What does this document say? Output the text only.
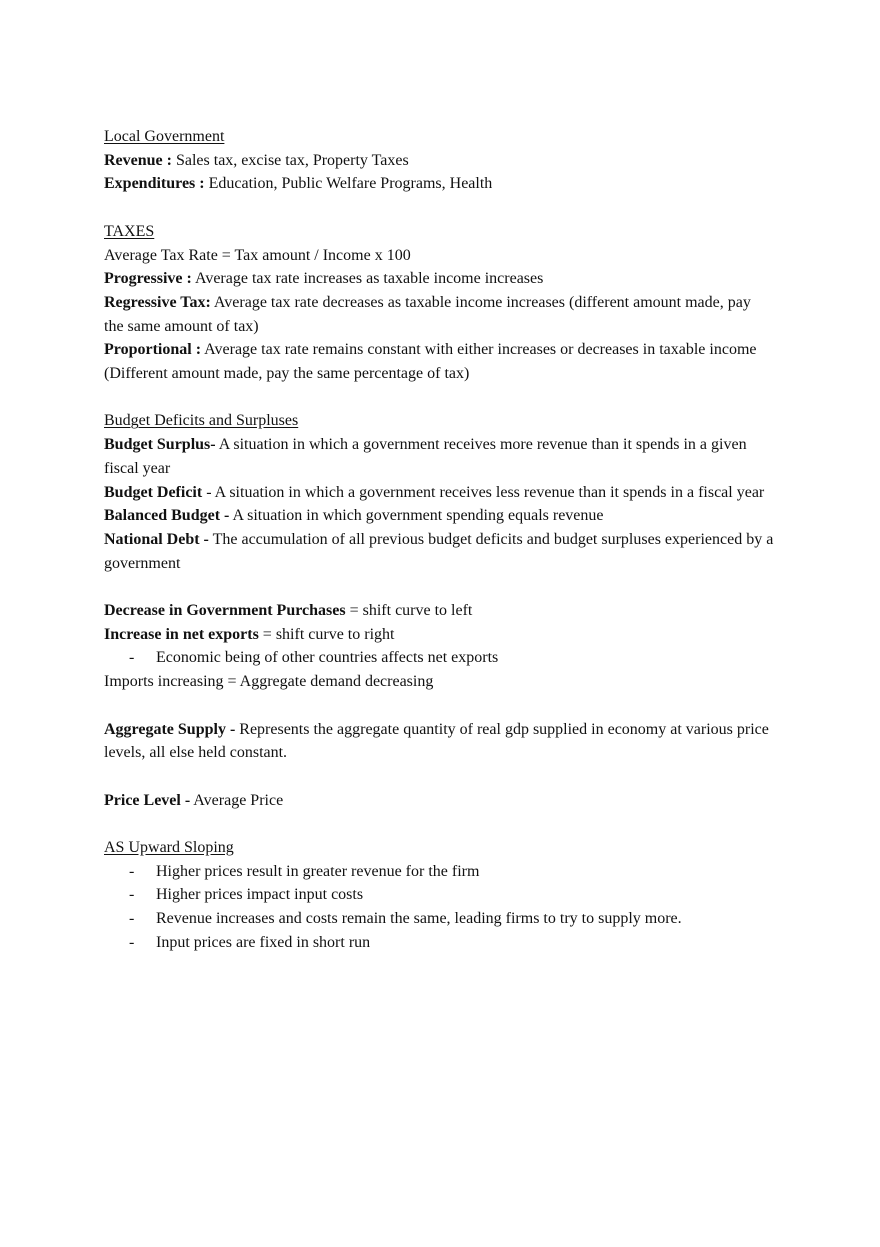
Local Government

Revenue : Sales tax, excise tax, Property Taxes

Expenditures : Education, Public Welfare Programs, Health

TAXES

Average Tax Rate = Tax amount / Income x 100

Progressive : Average tax rate increases as taxable income increases

Regressive Tax: Average tax rate decreases as taxable income increases (different amount made, pay the same amount of tax)

Proportional : Average tax rate remains constant with either increases or decreases in taxable income (Different amount made, pay the same percentage of tax)

Budget Deficits and Surpluses

Budget Surplus- A situation in which a government receives more revenue than it spends in a given fiscal year

Budget Deficit - A situation in which a government receives less revenue than it spends in a fiscal year

Balanced Budget - A situation in which government spending equals revenue

National Debt - The accumulation of all previous budget deficits and budget surpluses experienced by a government

Decrease in Government Purchases = shift curve to left

Increase in net exports = shift curve to right

- Economic being of other countries affects net exports

Imports increasing = Aggregate demand decreasing

Aggregate Supply - Represents the aggregate quantity of real gdp supplied in economy at various price levels, all else held constant.

Price Level - Average Price

AS Upward Sloping

- Higher prices result in greater revenue for the firm

- Higher prices impact input costs

- Revenue increases and costs remain the same, leading firms to try to supply more.

- Input prices are fixed in short run
